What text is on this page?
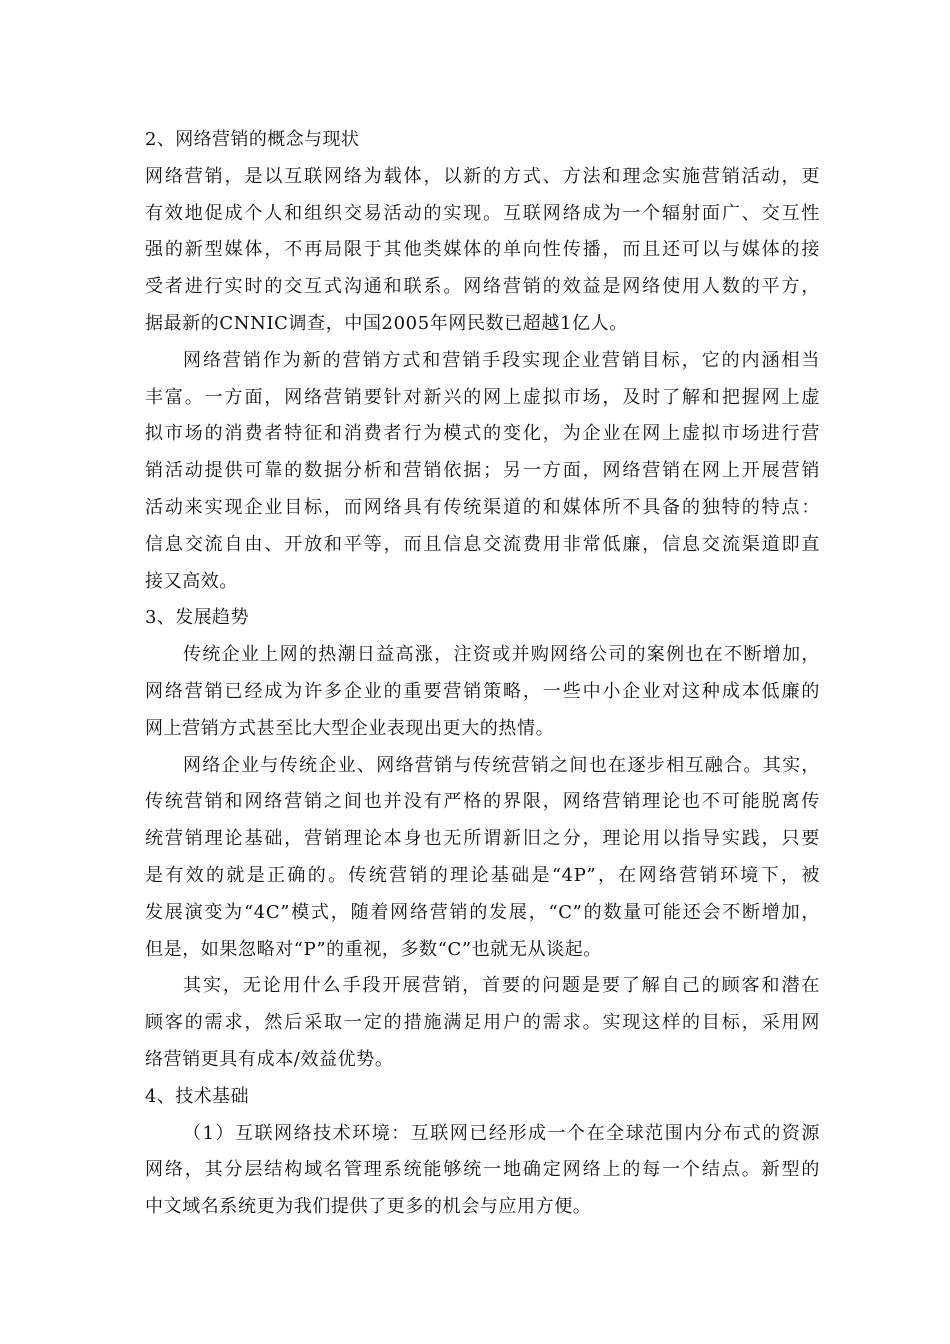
2、网络营销的概念与现状
网络营销，是以互联网络为载体，以新的方式、方法和理念实施营销活动，更
有效地促成个人和组织交易活动的实现。互联网络成为一个辐射面广、交互性
强的新型媒体，不再局限于其他类媒体的单向性传播，而且还可以与媒体的接
受者进行实时的交互式沟通和联系。网络营销的效益是网络使用人数的平方，
据最新的CNNIC调查，中国2005年网民数已超越1亿人。
网络营销作为新的营销方式和营销手段实现企业营销目标，它的内涵相当
丰富。一方面，网络营销要针对新兴的网上虚拟市场，及时了解和把握网上虚
拟市场的消费者特征和消费者行为模式的变化，为企业在网上虚拟市场进行营
销活动提供可靠的数据分析和营销依据；另一方面，网络营销在网上开展营销
活动来实现企业目标，而网络具有传统渠道的和媒体所不具备的独特的特点：
信息交流自由、开放和平等，而且信息交流费用非常低廉，信息交流渠道即直
接又高效。
3、发展趋势
传统企业上网的热潮日益高涨，注资或并购网络公司的案例也在不断增加，
网络营销已经成为许多企业的重要营销策略，一些中小企业对这种成本低廉的
网上营销方式甚至比大型企业表现出更大的热情。
网络企业与传统企业、网络营销与传统营销之间也在逐步相互融合。其实，
传统营销和网络营销之间也并没有严格的界限，网络营销理论也不可能脱离传
统营销理论基础，营销理论本身也无所谓新旧之分，理论用以指导实践，只要
是有效的就是正确的。传统营销的理论基础是“4P”，在网络营销环境下，被
发展演变为“4C”模式，随着网络营销的发展，“C”的数量可能还会不断增加，
但是，如果忽略对“P”的重视，多数“C”也就无从谈起。
其实，无论用什么手段开展营销，首要的问题是要了解自己的顾客和潜在
顾客的需求，然后采取一定的措施满足用户的需求。实现这样的目标，采用网
络营销更具有成本/效益优势。
4、技术基础
（1）互联网络技术环境：互联网已经形成一个在全球范围内分布式的资源
网络，其分层结构域名管理系统能够统一地确定网络上的每一个结点。新型的
中文域名系统更为我们提供了更多的机会与应用方便。
